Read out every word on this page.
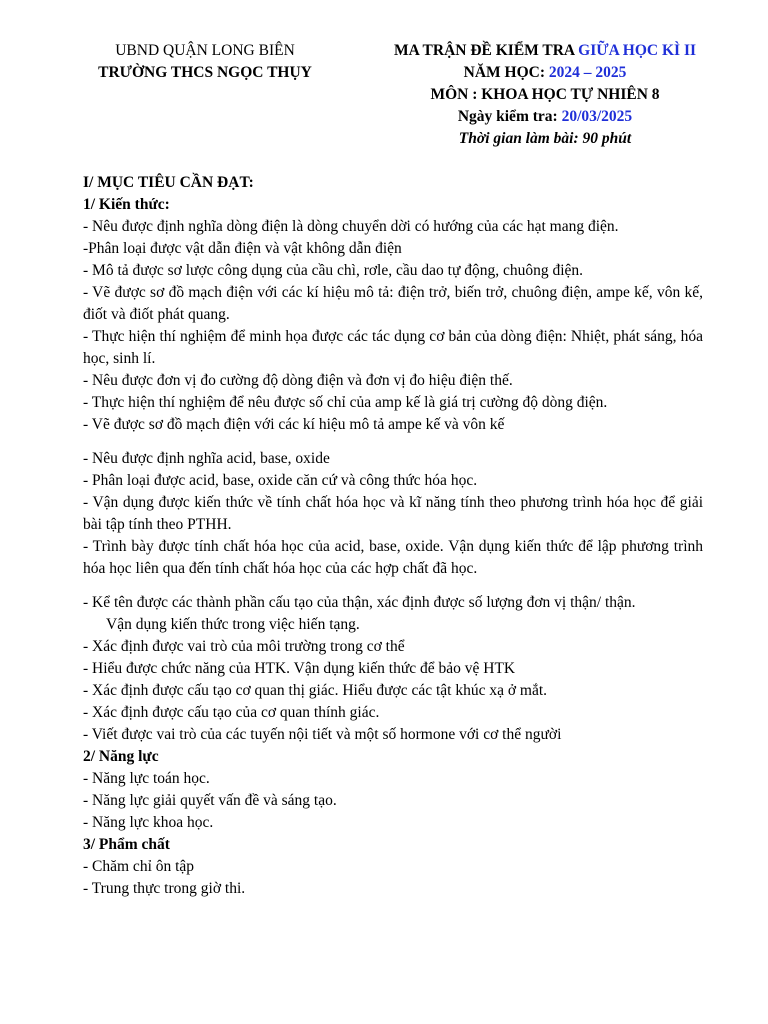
UBND QUẬN LONG BIÊN
TRƯỜNG THCS NGỌC THỤY
MA TRẬN ĐỀ KIỂM TRA GIỮA HỌC KÌ II
NĂM HỌC: 2024 – 2025
MÔN : KHOA HỌC TỰ NHIÊN 8
Ngày kiểm tra: 20/03/2025
Thời gian làm bài: 90 phút

I/ MỤC TIÊU CẦN ĐẠT:

1/ Kiến thức:

- Nêu được định nghĩa dòng điện là dòng chuyển dời có hướng của các hạt mang điện.

-Phân loại được vật dẫn điện và vật không dẫn điện

- Mô tả được sơ lược công dụng của cầu chì, rơle, cầu dao tự động, chuông điện.

- Vẽ được sơ đồ mạch điện với các kí hiệu mô tả: điện trở, biến trở, chuông điện, ampe kế, vôn kế, điốt và điốt phát quang.

- Thực hiện thí nghiệm để minh họa được các tác dụng cơ bản của dòng điện: Nhiệt, phát sáng, hóa học, sinh lí.

- Nêu được đơn vị đo cường độ dòng điện và đơn vị đo hiệu điện thế.

- Thực hiện thí nghiệm để nêu được số chỉ của amp kế là giá trị cường độ dòng điện.

- Vẽ được sơ đồ mạch điện với các kí hiệu mô tả ampe kế và vôn kế

- Nêu được định nghĩa acid, base, oxide

- Phân loại được acid, base, oxide căn cứ và công thức hóa học.

- Vận dụng được kiến thức về tính chất hóa học và kĩ năng tính theo phương trình hóa học để giải bài tập tính theo PTHH.

- Trình bày được tính chất hóa học của acid, base, oxide. Vận dụng kiến thức để lập phương trình hóa học liên qua đến tính chất hóa học của các hợp chất đã học.

- Kể tên được các thành phần cấu tạo của thận, xác định được số lượng đơn vị thận/ thận.

Vận dụng kiến thức trong việc hiến tạng.

- Xác định được vai trò của môi trường trong cơ thể

- Hiểu được chức năng của HTK. Vận dụng kiến thức để bảo vệ HTK

- Xác định được cấu tạo cơ quan thị giác. Hiểu được các tật khúc xạ ở mắt.

- Xác định được cấu tạo của cơ quan thính giác.

- Viết được vai trò của các tuyến nội tiết và một số hormone với cơ thể người

2/ Năng lực

- Năng lực toán học.

- Năng lực giải quyết vấn đề và sáng tạo.

- Năng lực khoa học.

3/ Phẩm chất

- Chăm chỉ ôn tập

- Trung thực trong giờ thi.
